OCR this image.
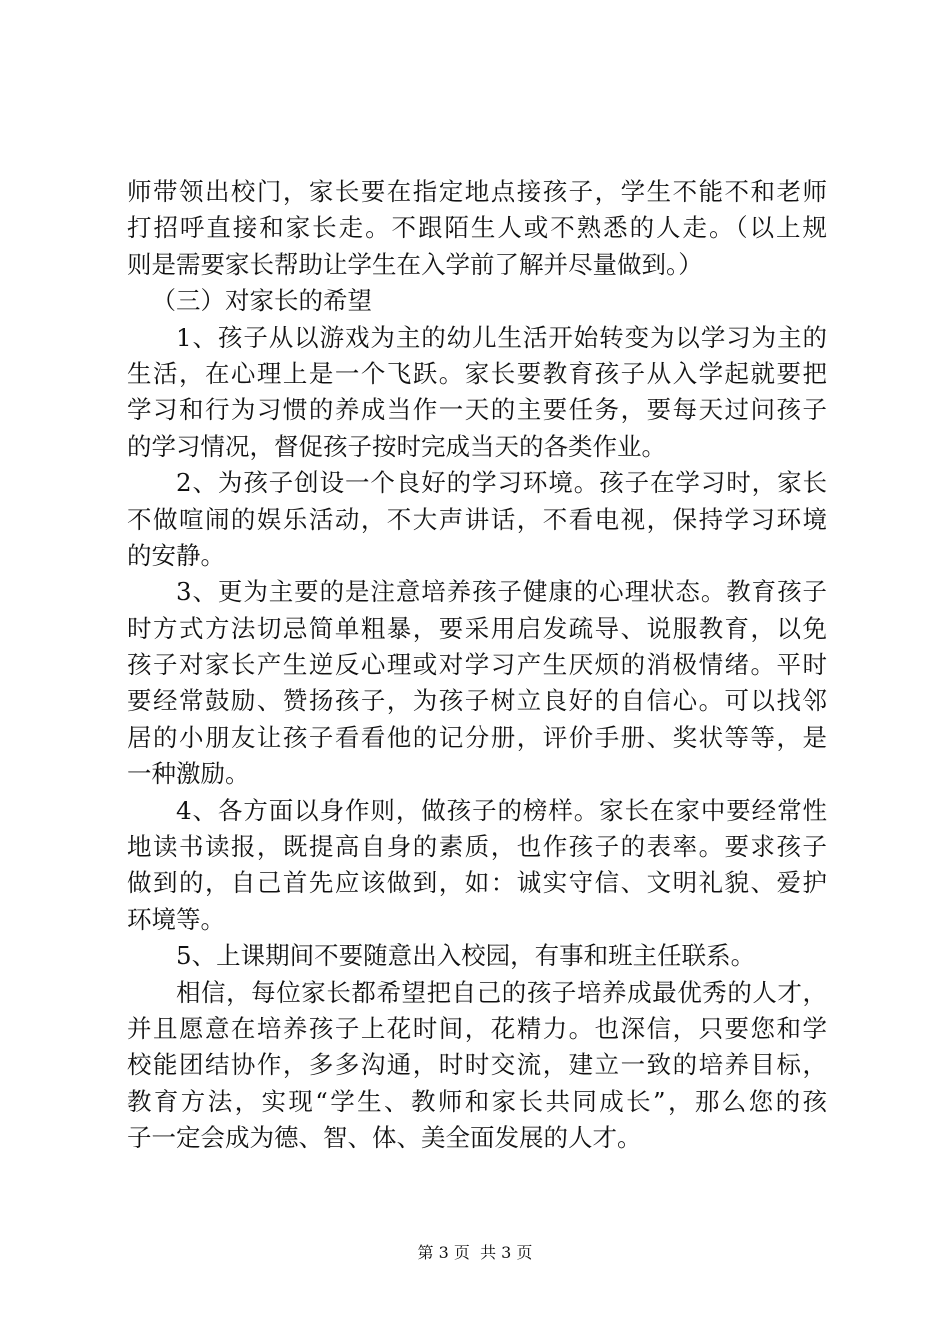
师带领出校门，家长要在指定地点接孩子，学生不能不和老师
打招呼直接和家长走。不跟陌生人或不熟悉的人走。（以上规
则是需要家长帮助让学生在入学前了解并尽量做到。）
（三）对家长的希望
1、孩子从以游戏为主的幼儿生活开始转变为以学习为主的
生活，在心理上是一个飞跃。家长要教育孩子从入学起就要把
学习和行为习惯的养成当作一天的主要任务，要每天过问孩子
的学习情况，督促孩子按时完成当天的各类作业。
2、为孩子创设一个良好的学习环境。孩子在学习时，家长
不做喧闹的娱乐活动，不大声讲话，不看电视，保持学习环境
的安静。
3、更为主要的是注意培养孩子健康的心理状态。教育孩子
时方式方法切忌简单粗暴，要采用启发疏导、说服教育，以免
孩子对家长产生逆反心理或对学习产生厌烦的消极情绪。平时
要经常鼓励、赞扬孩子，为孩子树立良好的自信心。可以找邻
居的小朋友让孩子看看他的记分册，评价手册、奖状等等，是
一种激励。
4、各方面以身作则，做孩子的榜样。家长在家中要经常性
地读书读报，既提高自身的素质，也作孩子的表率。要求孩子
做到的，自己首先应该做到，如：诚实守信、文明礼貌、爱护
环境等。
5、上课期间不要随意出入校园，有事和班主任联系。
相信，每位家长都希望把自己的孩子培养成最优秀的人才，
并且愿意在培养孩子上花时间，花精力。也深信，只要您和学
校能团结协作，多多沟通，时时交流，建立一致的培养目标，
教育方法，实现“学生、教师和家长共同成长”，那么您的孩
子一定会成为德、智、体、美全面发展的人才。
第 3 页  共 3 页
